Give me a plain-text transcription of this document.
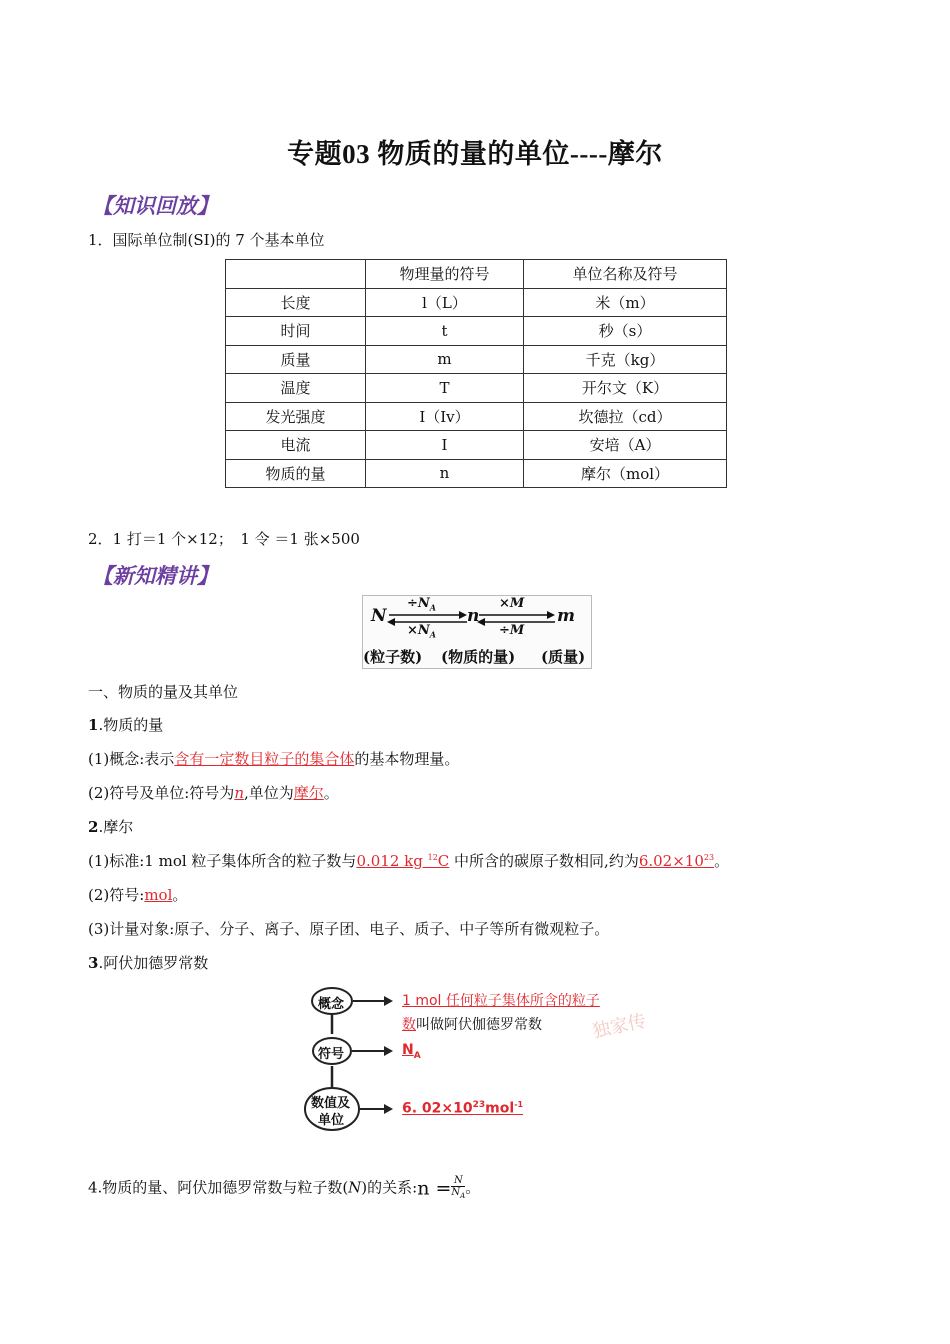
专题03 物质的量的单位----摩尔
【知识回放】
1．国际单位制(SI)的 7 个基本单位
	物理量的符号	单位名称及符号
长度	l（L）	米（m）
时间	t	秒（s）
质量	m	千克（kg）
温度	T	开尔文（K）
发光强度	I（Iv）	坎德拉（cd）
电流	I	安培（A）
物质的量	n	摩尔（mol）
2．1 打＝1 个×12；　1 令 ＝1 张×500
【新知精讲】
N	n	m
$\div N_A$
$\times N_A$
×M
÷M
(粒子数) (物质的量) (质量)
一、物质的量及其单位
1.物质的量
(1)概念:表示含有一定数目粒子的集合体的基本物理量。
(2)符号及单位:符号为n,单位为摩尔。
2.摩尔
(1)标准:1 mol 粒子集体所含的粒子数与0.012 kg $^{12}$C 中所含的碳原子数相同,约为$6.02\times 10^{23}$。
(2)符号:mol。
(3)计量对象:原子、分子、离子、原子团、电子、质子、中子等所有微观粒子。
3.阿伏加德罗常数
概念
符号
数值及
单位
1 mol 任何粒子集体所含的粒子
数叫做阿伏伽德罗常数
$N_A$
6. $02\times 10^{23}mol^{-1}$
独家传
4.物质的量、阿伏加德罗常数与粒子数(N)的关系:n = $\frac{N}{N_A}$ 。
